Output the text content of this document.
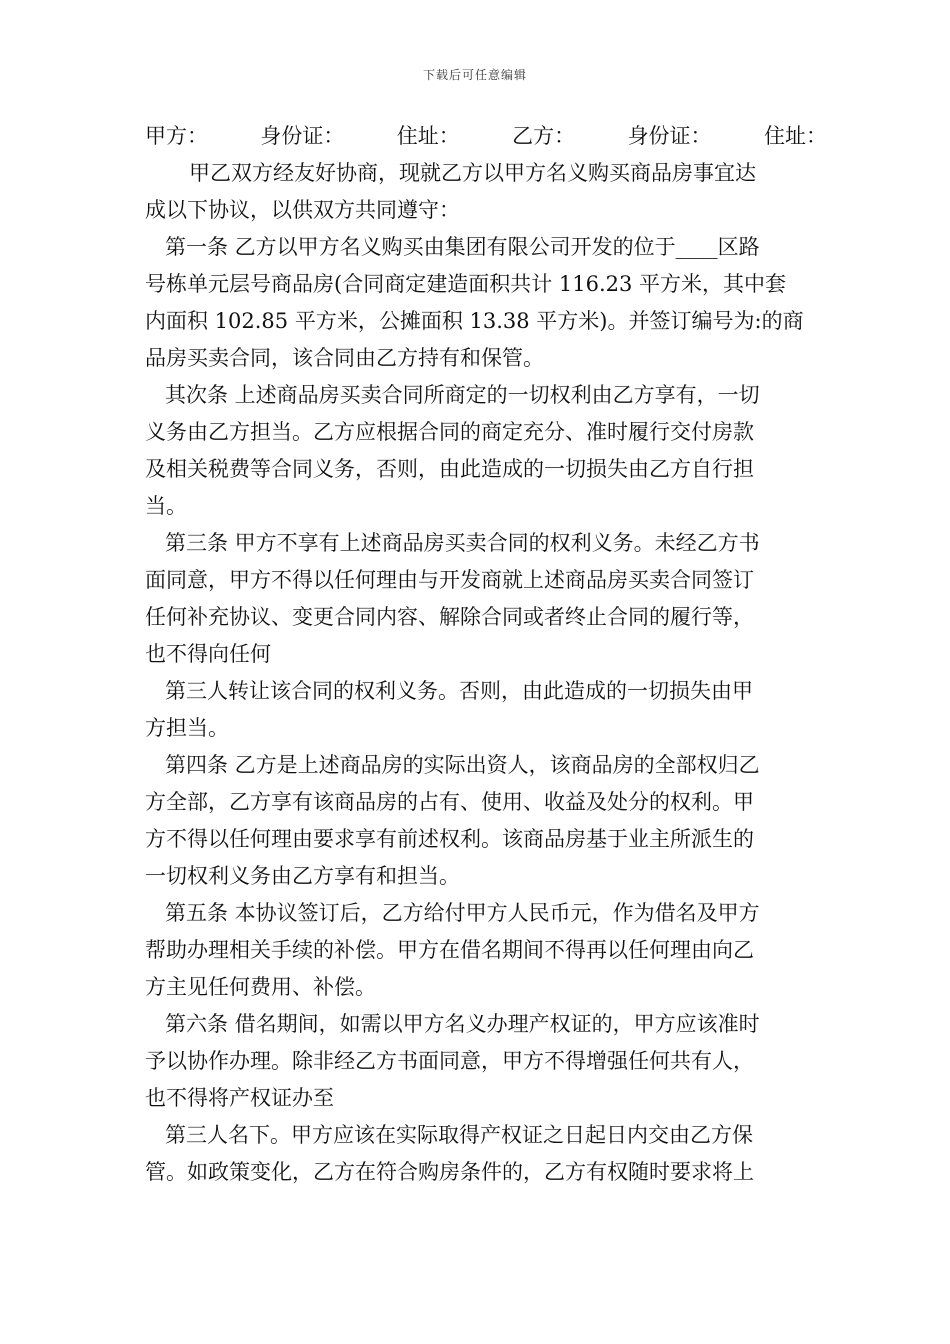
下载后可任意编辑
甲方： 身份证： 住址： 乙方： 身份证： 住址：
甲乙双方经友好协商，现就乙方以甲方名义购买商品房事宜达
成以下协议，以供双方共同遵守：
第一条 乙方以甲方名义购买由集团有限公司开发的位于____区路
号栋单元层号商品房(合同商定建造面积共计 116.23 平方米，其中套
内面积 102.85 平方米，公摊面积 13.38 平方米)。并签订编号为:的商
品房买卖合同，该合同由乙方持有和保管。
其次条 上述商品房买卖合同所商定的一切权利由乙方享有，一切
义务由乙方担当。乙方应根据合同的商定充分、准时履行交付房款
及相关税费等合同义务，否则，由此造成的一切损失由乙方自行担
当。
第三条 甲方不享有上述商品房买卖合同的权利义务。未经乙方书
面同意，甲方不得以任何理由与开发商就上述商品房买卖合同签订
任何补充协议、变更合同内容、解除合同或者终止合同的履行等，
也不得向任何
第三人转让该合同的权利义务。否则，由此造成的一切损失由甲
方担当。
第四条 乙方是上述商品房的实际出资人，该商品房的全部权归乙
方全部，乙方享有该商品房的占有、使用、收益及处分的权利。甲
方不得以任何理由要求享有前述权利。该商品房基于业主所派生的
一切权利义务由乙方享有和担当。
第五条 本协议签订后，乙方给付甲方人民币元，作为借名及甲方
帮助办理相关手续的补偿。甲方在借名期间不得再以任何理由向乙
方主见任何费用、补偿。
第六条 借名期间，如需以甲方名义办理产权证的，甲方应该准时
予以协作办理。除非经乙方书面同意，甲方不得增强任何共有人，
也不得将产权证办至
第三人名下。甲方应该在实际取得产权证之日起日内交由乙方保
管。如政策变化，乙方在符合购房条件的，乙方有权随时要求将上
